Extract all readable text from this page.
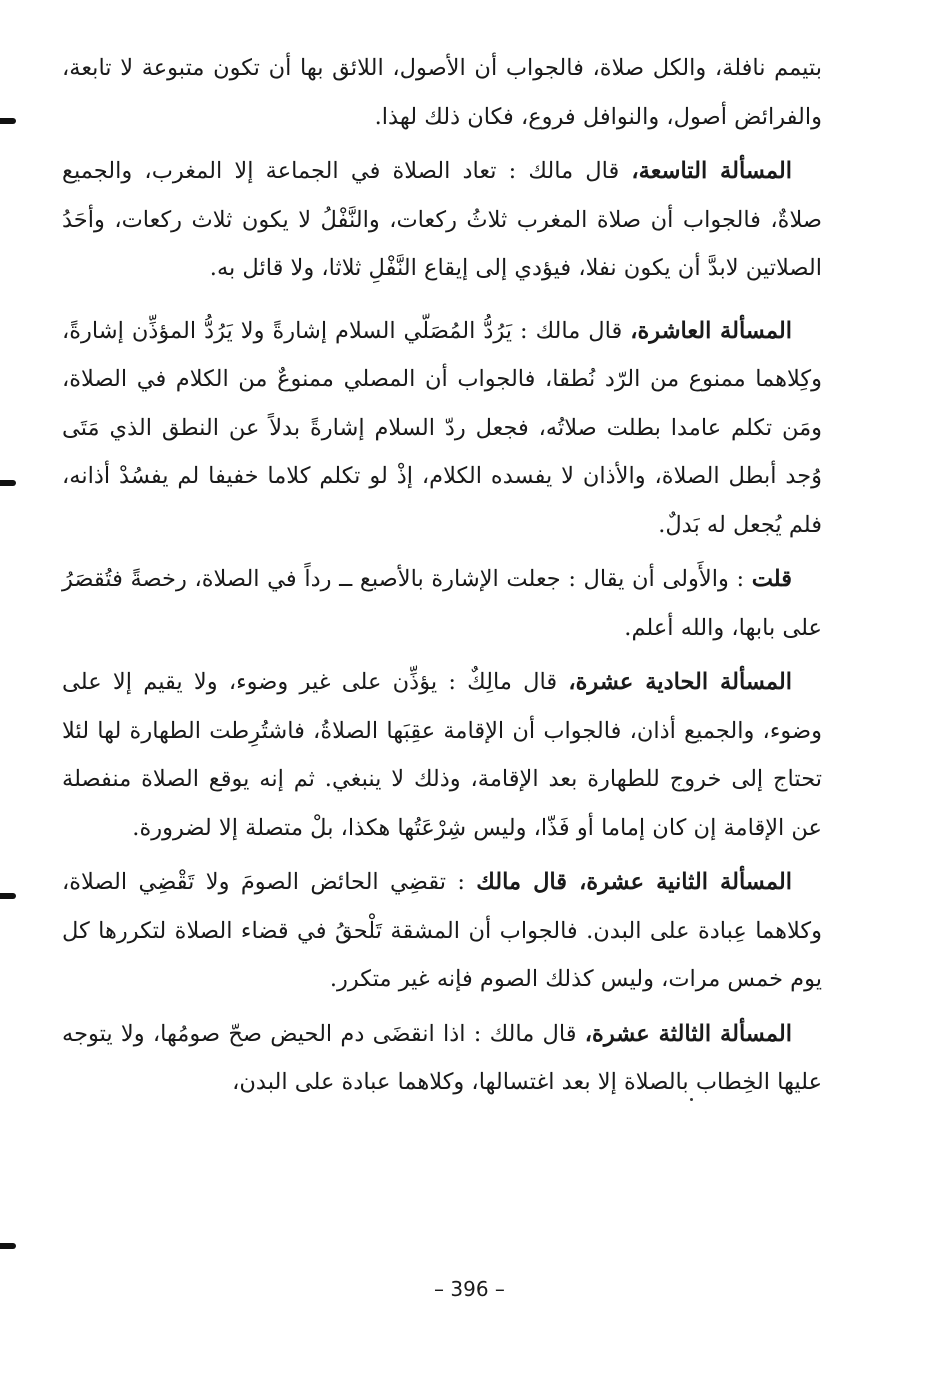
بتيمم نافلة، والكل صلاة، فالجواب أن الأصول، اللائق بها أن تكون متبوعة لا تابعة، والفرائض أصول، والنوافل فروع، فكان ذلك لهذا.

المسألة التاسعة، قال مالك : تعاد الصلاة في الجماعة إلا المغرب، والجميع صلاةٌ، فالجواب أن صلاة المغرب ثلاثُ ركعات، والنَّفْلُ لا يكون ثلاث ركعات، وأحَدُ الصلاتين لابدَّ أن يكون نفلا، فيؤدي إلى إيقاع النَّفْلِ ثلاثا، ولا قائل به.

المسألة العاشرة، قال مالك : يَرُدُّ المُصَلّي السلام إشارةً ولا يَرُدُّ المؤذِّن إشارةً، وكِلاهما ممنوع من الرّد نُطقا، فالجواب أن المصلي ممنوعٌ من الكلام في الصلاة، ومَن تكلم عامدا بطلت صلاتُه، فجعل ردّ السلام إشارةً بدلاً عن النطق الذي مَتَى وُجد أبطل الصلاة، والأذان لا يفسده الكلام، إذْ لو تكلم كلاما خفيفا لم يفسُدْ أذانه، فلم يُجعل له بَدلٌ.

قلت : والأَولى أن يقال : جعلت الإشارة بالأصبع ــ رداً في الصلاة، رخصةً فتُقصَرُ على بابها، والله أعلم.

المسألة الحادية عشرة، قال مالِكٌ : يؤذِّن على غير وضوء، ولا يقيم إلا على وضوء، والجميع أذان، فالجواب أن الإقامة عقِبَها الصلاةُ، فاشتُرِطت الطهارة لها لئلا تحتاج إلى خروج للطهارة بعد الإقامة، وذلك لا ينبغي. ثم إنه يوقع الصلاة منفصلة عن الإقامة إن كان إماما أو فَذّا، وليس شِرْعَتُها هكذا، بلْ متصلة إلا لضرورة.

المسألة الثانية عشرة، قال مالك : تقضِي الحائض الصومَ ولا تَقْضِي الصلاة، وكلاهما عِبادة على البدن. فالجواب أن المشقة تَلْحقُ في قضاء الصلاة لتكررها كل يوم خمس مرات، وليس كذلك الصوم فإنه غير متكرر.

المسألة الثالثة عشرة، قال مالك : اذا انقضَى دم الحيض صحّ صومُها، ولا يتوجه عليها الخِطاب بالصلاة إلا بعد اغتسالها، وكلاهما عبادة على البدن،

– 396 –
